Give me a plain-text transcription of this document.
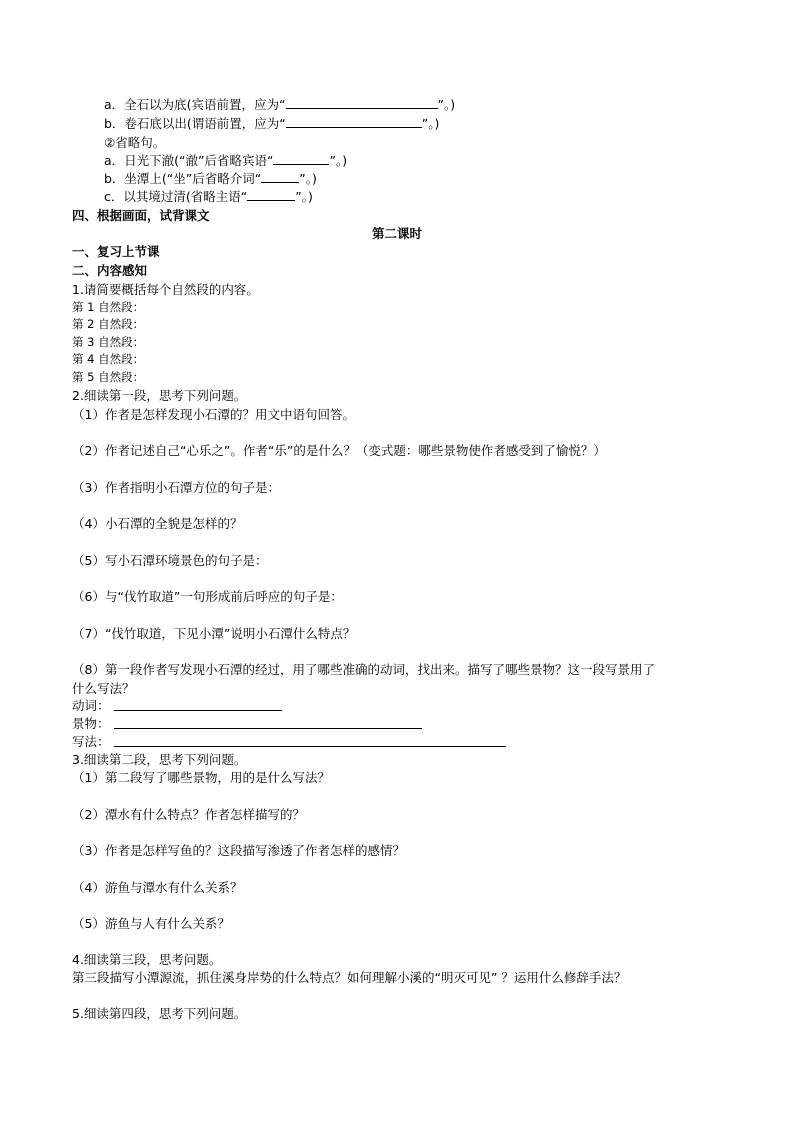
a．全石以为底(宾语前置，应为“	”。)
b．卷石底以出(谓语前置，应为“	”。)
②省略句。
a．日光下澈(“澈”后省略宾语“	”。)
b．坐潭上(“坐”后省略介词“	”。)
c．以其境过清(省略主语“	”。)
四、根据画面，试背课文
第二课时
一、复习上节课
二、内容感知
1.请简要概括每个自然段的内容。
第 1 自然段：
第 2 自然段：
第 3 自然段：
第 4 自然段：
第 5 自然段：
2.细读第一段，思考下列问题。
（1）作者是怎样发现小石潭的？用文中语句回答。
（2）作者记述自己“心乐之”。作者“乐”的是什么？（变式题：哪些景物使作者感受到了愉悦？）
（3）作者指明小石潭方位的句子是：
（4）小石潭的全貌是怎样的？
（5）写小石潭环境景色的句子是：
（6）与“伐竹取道”一句形成前后呼应的句子是：
（7）“伐竹取道，下见小潭”说明小石潭什么特点？
（8）第一段作者写发现小石潭的经过，用了哪些准确的动词，找出来。描写了哪些景物？这一段写景用了
什么写法？
动词：
景物：
写法：
3.细读第二段，思考下列问题。
（1）第二段写了哪些景物，用的是什么写法？
（2）潭水有什么特点？作者怎样描写的？
（3）作者是怎样写鱼的？这段描写渗透了作者怎样的感情？
（4）游鱼与潭水有什么关系？
（5）游鱼与人有什么关系？
4.细读第三段，思考问题。
第三段描写小潭源流，抓住溪身岸势的什么特点？如何理解小溪的“明灭可见” ？运用什么修辞手法？
5.细读第四段，思考下列问题。
